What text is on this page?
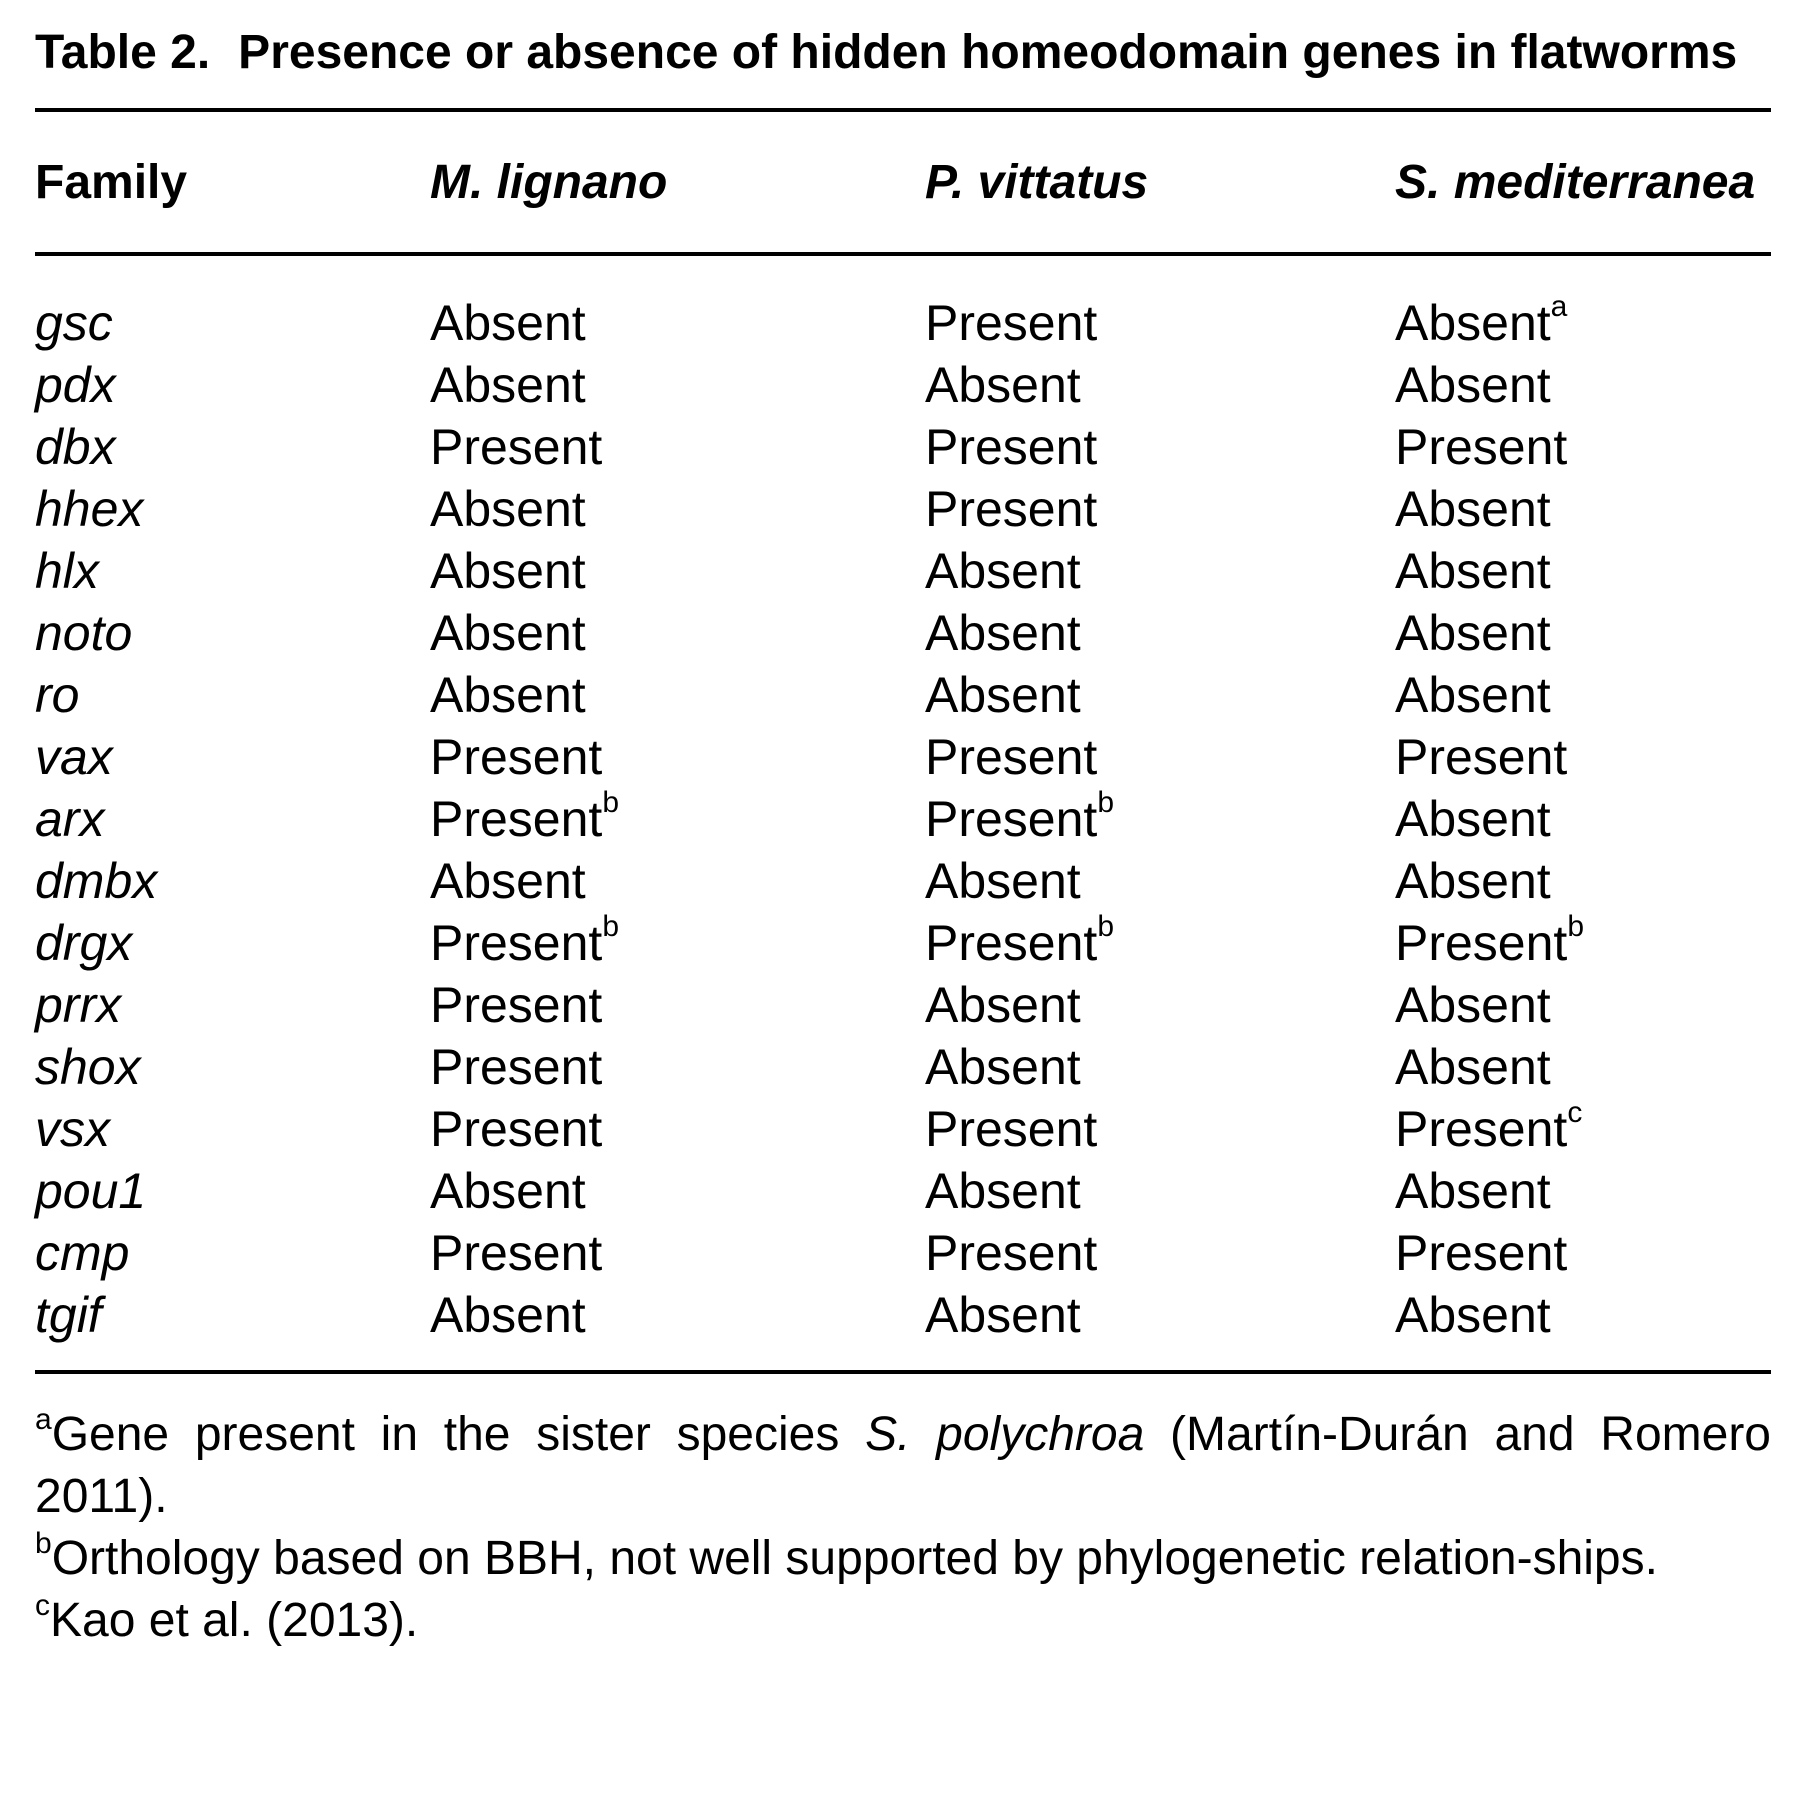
Table 2. Presence or absence of hidden homeodomain genes in flatworms
Family	M. lignano	P. vittatus	S. mediterranea
gsc	Absent	Present	Absent$^a$
pdx	Absent	Absent	Absent
dbx	Present	Present	Present
hhex	Absent	Present	Absent
hlx	Absent	Absent	Absent
noto	Absent	Absent	Absent
ro	Absent	Absent	Absent
vax	Present	Present	Present
arx	Present$^b$	Present$^b$	Absent
dmbx	Absent	Absent	Absent
drgx	Present$^b$	Present$^b$	Present$^b$
prrx	Present	Absent	Absent
shox	Present	Absent	Absent
vsx	Present	Present	Present$^c$
pou1	Absent	Absent	Absent
cmp	Present	Present	Present
tgif	Absent	Absent	Absent
$^a$Gene present in the sister species S. polychroa (Martín-Durán and Romero 2011).
$^b$Orthology based on BBH, not well supported by phylogenetic relation-ships.
$^c$Kao et al. (2013).
